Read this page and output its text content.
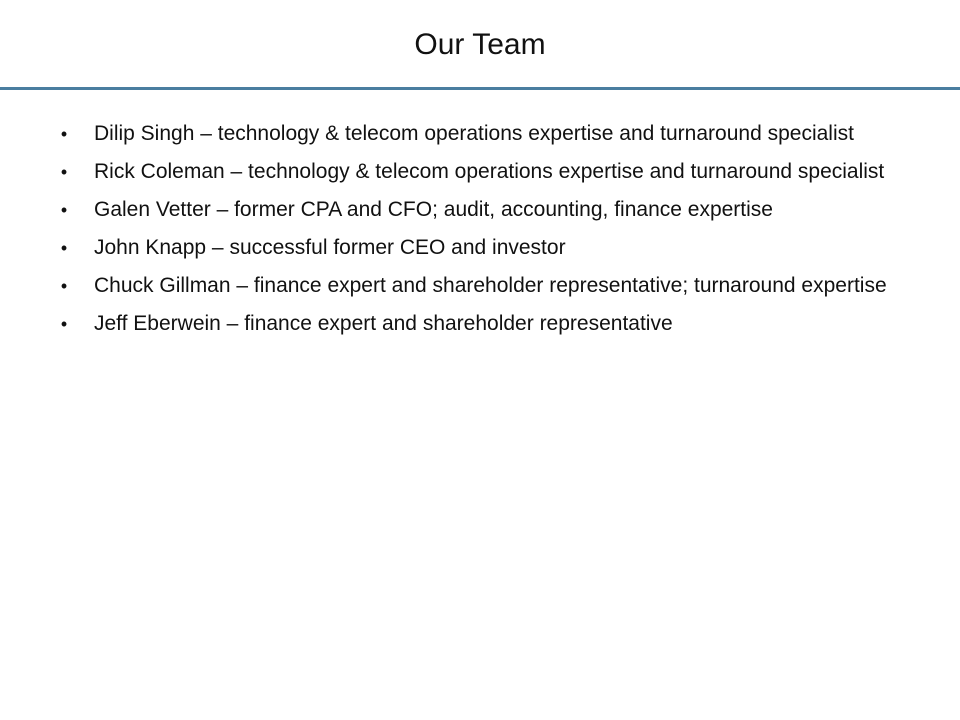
Our Team
• Dilip Singh – technology & telecom operations expertise and turnaround specialist
• Rick Coleman – technology & telecom operations expertise and turnaround specialist
• Galen Vetter – former CPA and CFO; audit, accounting, finance expertise
• John Knapp – successful former CEO and investor
• Chuck Gillman – finance expert and shareholder representative; turnaround expertise
• Jeff Eberwein – finance expert and shareholder representative
